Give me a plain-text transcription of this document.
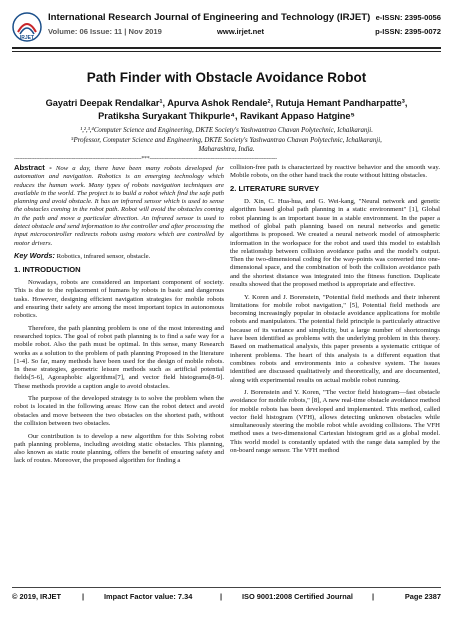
IRJET
International Research Journal of Engineering and Technology (IRJET)
Volume: 06 Issue: 11 | Nov 2019	www.irjet.net
e-ISSN: 2395-0056
p-ISSN: 2395-0072
Path Finder with Obstacle Avoidance Robot
Gayatri Deepak Rendalkar¹, Apurva Ashok Rendale², Rutuja Hemant Pandharpatte³,
Pratiksha Suryakant Thikpurle⁴, Ravikant Appaso Hatgine⁵
¹,²,³,⁴Computer Science and Engineering, DKTE Society's Yashwantrao Chavan Polytechnic, Ichalkaranji.
⁵Professor, Computer Science and Engineering, DKTE Society's Yashwantrao Chavan Polytechnic, Ichalkaranji,
Maharashtra, India.
---------------------------------------------------------------------------***---------------------------------------------------------------------------

Abstract - Now a day, there have been many robots developed for automation and navigation. Robotics is an emerging technology which reduces the human work. Many types of robots navigation techniques are available in the world. The project is to build a robot which find the safe path planning and avoid obstacle. It has an infrared sensor which is used to sense the obstacles coming in the robot path. Robot will avoid the obstacles coming in the path and move a particular direction. An infrared sensor is used to detect obstacle and send information to the controller and after processing the input microcontroller redirects robots using motors which are controlled by motor drivers.

Key Words: Robotics, infrared sensor, obstacle.

1. INTRODUCTION

Nowadays, robots are considered an important component of society. This is due to the replacement of humans by robots in basic and dangerous tasks. However, designing efficient navigation strategies for mobile robots and ensuring their safety are among the most important topics in autonomous robotics.

Therefore, the path planning problem is one of the most interesting and researched topics. The goal of robot path planning is to find a safe way for a mobile robot. Also the path must be optimal. In this sense, many Research works as a solution to the problem of path planning Proposed in the literature [1-4]. So far, many methods have been used for the design of mobile robots. In these strategies, geometric leisure methods such as artificial potential fields[5-6], Agoraphobic algorithms[7], and vector field histograms[8-9]. These methods provide a caption angle to avoid obstacles.

The purpose of the developed strategy is to solve the problem when the robot is located in the following areas: How can the robot detect and avoid obstacles and move between the two obstacles on the shortest path, without the collision between two obstacles.

Our contribution is to develop a new algorithm for this Solving robot path planning problems, including avoiding static obstacles. This planning, also known as static route planning, offers the benefit of ensuring safety and lack of routes. Moreover, the proposed algorithm for finding a

collision-free path is characterized by reactive behavior and the smooth way. Mobile robots, on the other hand track the route without hitting obstacles.

2. LITERATURE SURVEY

D. Xin, C. Hua-hua, and G. Wei-kang, "Neural network and genetic algorithm based global path planning in a static environment" [1], Global robot planning is an important issue in a stable environment. In the paper a method of global path planning based on neural networks and genetic algorithms is proposed. We created a neural network model of atmospheric information in the workspace for the robot and used this model to establish the relationship between collision avoidance paths and the model's output. Then the two-dimensional coding for the way-points was converted into one-dimensional space, and the combination of both the collision avoidance path and the shortest distance was integrated into the fitness function. Duplicate results showed that the proposed method is appropriate and effective.

Y. Koren and J. Borenstein, "Potential field methods and their inherent limitations for mobile robot navigation," [5], Potential field methods are becoming increasingly popular in obstacle avoidance applications for mobile robots and manipulators. The potential field principle is particularly attractive because of its variance and simplicity, but a large number of shortcomings have been identified as problems with the underlying problem in this theory. Based on mathematical analysis, this paper presents a systematic critique of inherent problems. The heart of this analysis is a different equation that combines robots and environments into a cohesive system. The issues identified are discussed qualitatively and theoretically, and are documented, along with experimental results on actual mobile robot running.

J. Borenstein and Y. Koren, "The vector field histogram—fast obstacle avoidance for mobile robots," [8], A new real-time obstacle avoidance method for mobile robots has been developed and implemented. This method, called vector field histogram (VFH), allows detecting unknown obstacles while simultaneously steering the mobile robot while avoiding collisions. The VFH method uses a two-dimensional Cartesian histogram grid as a global model. This world model is constantly updated with the range data sampled by the on-board range sensor. The VFH method

© 2019, IRJET	|	Impact Factor value: 7.34	|	ISO 9001:2008 Certified Journal	|	Page 2387
